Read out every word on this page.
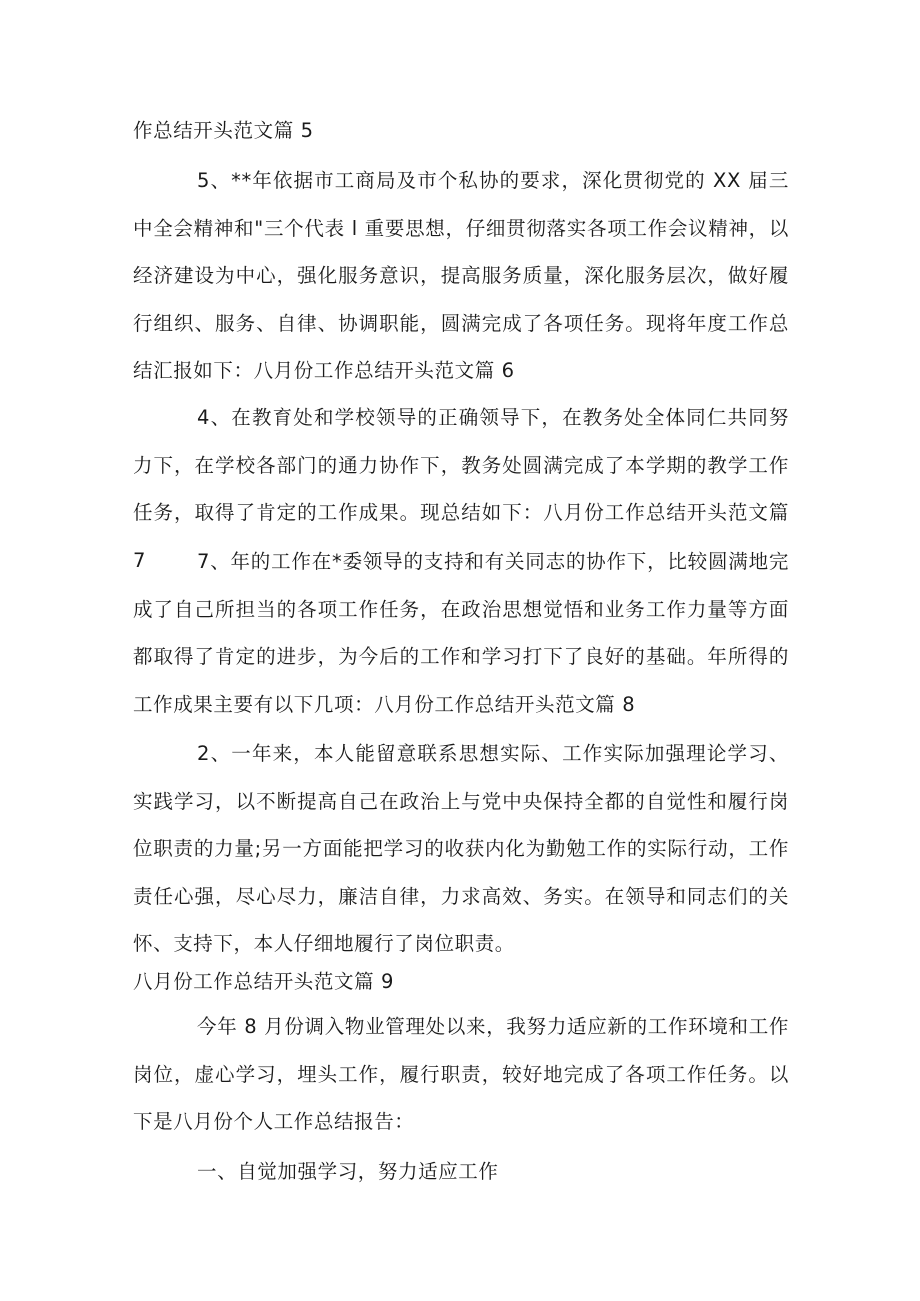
作总结开头范文篇 5
5、**年依据市工商局及市个私协的要求，深化贯彻党的 XX 届三中全会精神和"三个代表 l 重要思想，仔细贯彻落实各项工作会议精神，以经济建设为中心，强化服务意识，提高服务质量，深化服务层次，做好履行组织、服务、自律、协调职能，圆满完成了各项任务。现将年度工作总结汇报如下：八月份工作总结开头范文篇 6
4、在教育处和学校领导的正确领导下，在教务处全体同仁共同努力下，在学校各部门的通力协作下，教务处圆满完成了本学期的教学工作任务，取得了肯定的工作成果。现总结如下：八月份工作总结开头范文篇 7	7、年的工作在*委领导的支持和有关同志的协作下，比较圆满地完成了自己所担当的各项工作任务，在政治思想觉悟和业务工作力量等方面都取得了肯定的进步，为今后的工作和学习打下了良好的基础。年所得的工作成果主要有以下几项：八月份工作总结开头范文篇 8
2、一年来，本人能留意联系思想实际、工作实际加强理论学习、实践学习，以不断提高自己在政治上与党中央保持全都的自觉性和履行岗位职责的力量;另一方面能把学习的收获内化为勤勉工作的实际行动，工作责任心强，尽心尽力，廉洁自律，力求高效、务实。在领导和同志们的关怀、支持下，本人仔细地履行了岗位职责。
八月份工作总结开头范文篇 9
今年 8 月份调入物业管理处以来，我努力适应新的工作环境和工作岗位，虚心学习，埋头工作，履行职责，较好地完成了各项工作任务。以下是八月份个人工作总结报告：
一、自觉加强学习，努力适应工作
